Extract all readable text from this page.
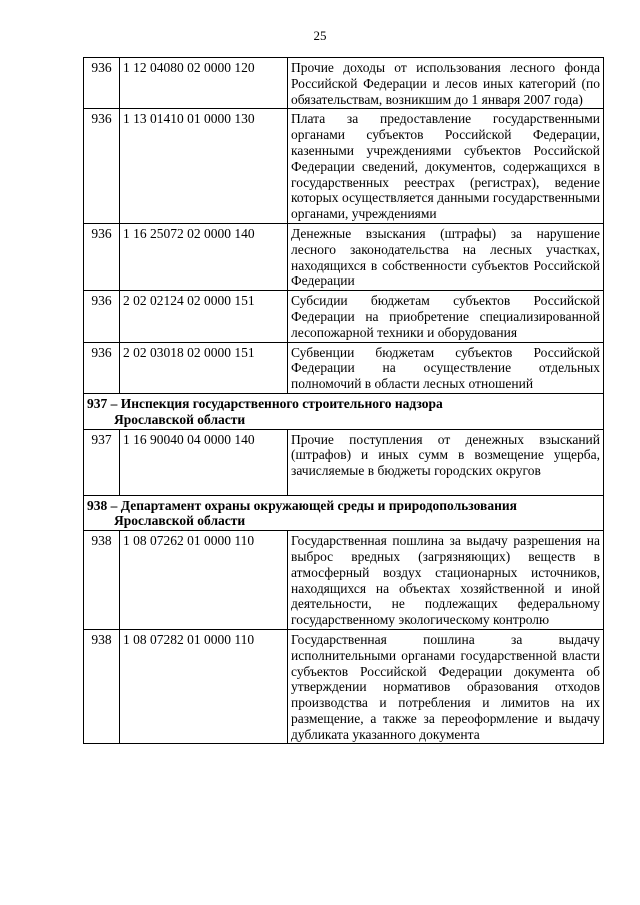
25
936	1 12 04080 02 0000 120	Прочие доходы от использования лесного фонда Российской Федерации и лесов иных категорий (по обязательствам, возникшим до 1 января 2007 года)
936	1 13 01410 01 0000 130	Плата за предоставление государственными органами субъектов Российской Федерации, казенными учреждениями субъектов Российской Федерации сведений, документов, содержащихся в государственных реестрах (регистрах), ведение которых осуществляется данными государственными органами, учреждениями
936	1 16 25072 02 0000 140	Денежные взыскания (штрафы) за нарушение лесного законодательства на лесных участках, находящихся в собственности субъектов Российской Федерации
936	2 02 02124 02 0000 151	Субсидии бюджетам субъектов Российской Федерации на приобретение специализированной лесопожарной техники и оборудования
936	2 02 03018 02 0000 151	Субвенции бюджетам субъектов Российской Федерации на осуществление отдельных полномочий в области лесных отношений

937 – Инспекция государственного строительного надзора
Ярославской области		

937	1 16 90040 04 0000 140	Прочие поступления от денежных взысканий (штрафов) и иных сумм в возмещение ущерба, зачисляемые в бюджеты городских округов

938 – Департамент охраны окружающей среды и природопользования
Ярославской области		

938	1 08 07262 01 0000 110	Государственная пошлина за выдачу разрешения на выброс вредных (загрязняющих) веществ в атмосферный воздух стационарных источников, находящихся на объектах хозяйственной и иной деятельности, не подлежащих федеральному государственному экологическому контролю
938	1 08 07282 01 0000 110	Государственная пошлина за выдачу исполнительными органами государственной власти субъектов Российской Федерации документа об утверждении нормативов образования отходов производства и потребления и лимитов на их размещение, а также за переоформление и выдачу дубликата указанного документа
